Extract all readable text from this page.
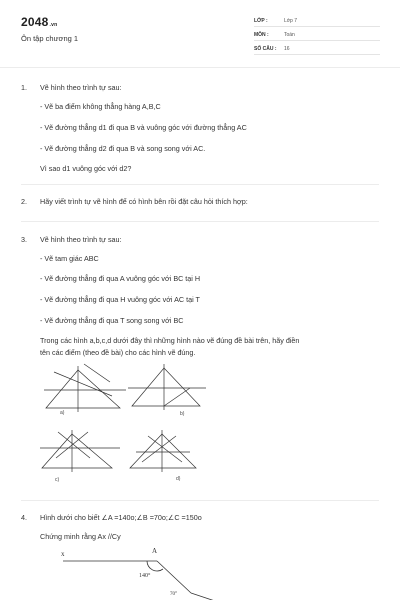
2048.vn
Ôn tập chương 1
LỚP :	Lớp 7
MÔN :	Toán
SỐ CÂU : 16
1. Vẽ hình theo trình tự sau:
- Vẽ ba điểm không thẳng hàng A,B,C
- Vẽ đường thẳng d1 đi qua B và vuông góc với đường thẳng AC
- Vẽ đường thẳng d2 đi qua B và song song với AC.
Vì sao d1 vuông góc với d2?
2. Hãy viết trình tự vẽ hình để có hình bên rồi đặt câu hỏi thích hợp:
3. Vẽ hình theo trình tự sau:
- Vẽ tam giác ABC
- Vẽ đường thẳng đi qua A vuông góc với BC tại H
- Vẽ đường thẳng đi qua H vuông góc với AC tại T
- Vẽ đường thẳng đi qua T song song với BC
Trong các hình a,b,c,d dưới đây thì những hình nào vẽ đúng đề bài trên, hãy điền
tên các điểm (theo đề bài) cho các hình vẽ đúng.
a)	b)
c)	d)
4. Hình dưới cho biết ∠A =140o;∠B =70o;∠C =150o
Chứng minh rằng Ax //Cy
x	A
140°
70°
